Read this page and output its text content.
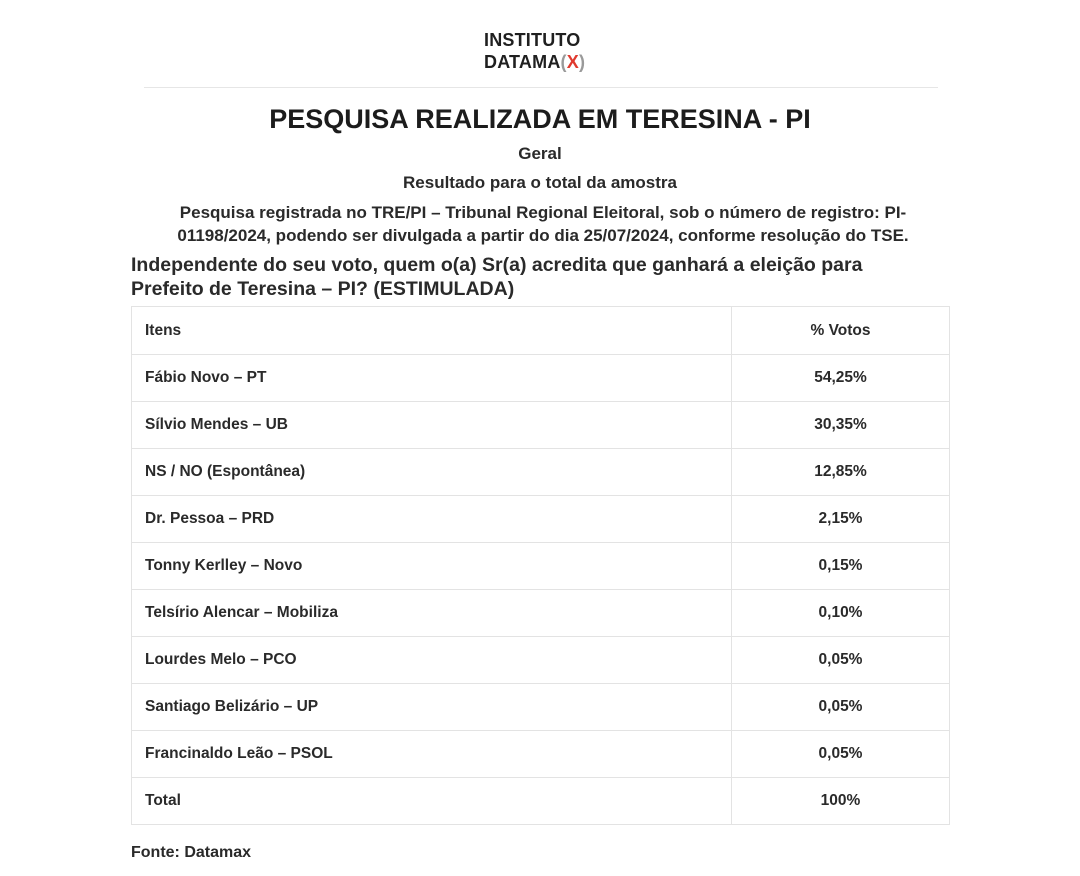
INSTITUTO
DATAMA(X)
PESQUISA REALIZADA EM TERESINA - PI
Geral
Resultado para o total da amostra
Pesquisa registrada no TRE/PI – Tribunal Regional Eleitoral, sob o número de registro: PI-
01198/2024, podendo ser divulgada a partir do dia 25/07/2024, conforme resolução do TSE.
Independente do seu voto, quem o(a) Sr(a) acredita que ganhará a eleição para
Prefeito de Teresina – PI? (ESTIMULADA)
Itens	% Votos
Fábio Novo – PT	54,25%
Sílvio Mendes – UB	30,35%
NS / NO (Espontânea)	12,85%
Dr. Pessoa – PRD	2,15%
Tonny Kerlley – Novo	0,15%
Telsírio Alencar – Mobiliza	0,10%
Lourdes Melo – PCO	0,05%
Santiago Belizário – UP	0,05%
Francinaldo Leão – PSOL	0,05%
Total	100%
Fonte: Datamax
